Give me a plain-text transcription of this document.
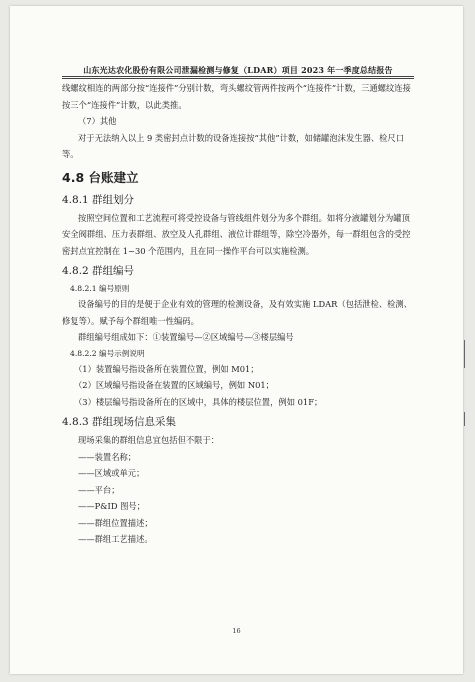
山东光达农化股份有限公司泄漏检测与修复（LDAR）项目 2023 年一季度总结报告

线螺纹相连的两部分按“连接件”分别计数，弯头螺纹管两件按两个“连接件”计数，三通螺纹连接按三个“连接件”计数，以此类推。

（7）其他

对于无法纳入以上 9 类密封点计数的设备连接按“其他”计数，如储罐泡沫发生器、检尺口等。

4.8 台账建立
4.8.1 群组划分

按照空间位置和工艺流程可将受控设备与管线组件划分为多个群组。如将分液罐划分为罐顶安全阀群组、压力表群组、放空及人孔群组、液位计群组等，除空冷器外，每一群组包含的受控密封点宜控制在 1~30 个范围内，且在同一操作平台可以实施检测。

4.8.2 群组编号
4.8.2.1 编号原则

设备编号的目的是便于企业有效的管理的检测设备，及有效实施 LDAR（包括泄检、检测、修复等）。赋予每个群组唯一性编码。

群组编号组成如下：①装置编号—②区域编号—③楼层编号

4.8.2.2 编号示例说明

（1）装置编号指设备所在装置位置，例如 M01；

（2）区域编号指设备在装置的区域编号，例如 N01；

（3）楼层编号指设备所在的区域中，具体的楼层位置，例如 01F；

4.8.3 群组现场信息采集

现场采集的群组信息宜包括但不限于：

——装置名称；

——区域或单元；

——平台；

——P&ID 图号；

——群组位置描述；

——群组工艺描述。

16
